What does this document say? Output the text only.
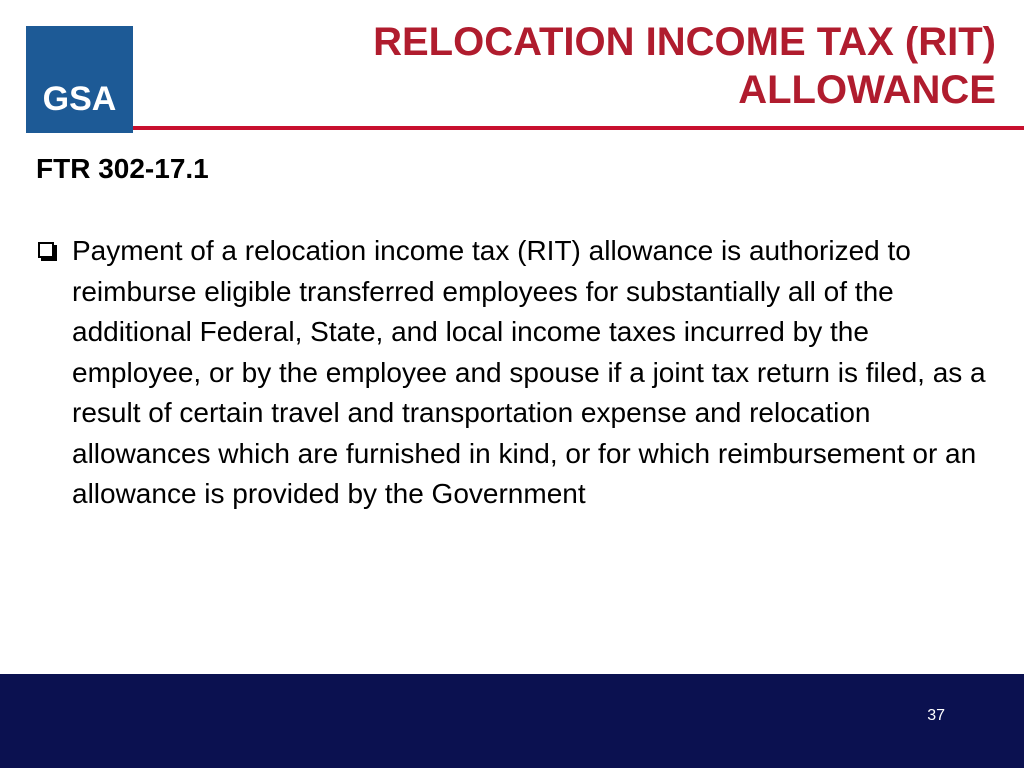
GSA
RELOCATION INCOME TAX (RIT)
ALLOWANCE
FTR 302-17.1

Payment of a relocation income tax (RIT) allowance is authorized to reimburse eligible transferred employees for substantially all of the additional Federal, State, and local income taxes incurred by the employee, or by the employee and spouse if a joint tax return is filed, as a result of certain travel and transportation expense and relocation allowances which are furnished in kind, or for which reimbursement or an allowance is provided by the Government

37
